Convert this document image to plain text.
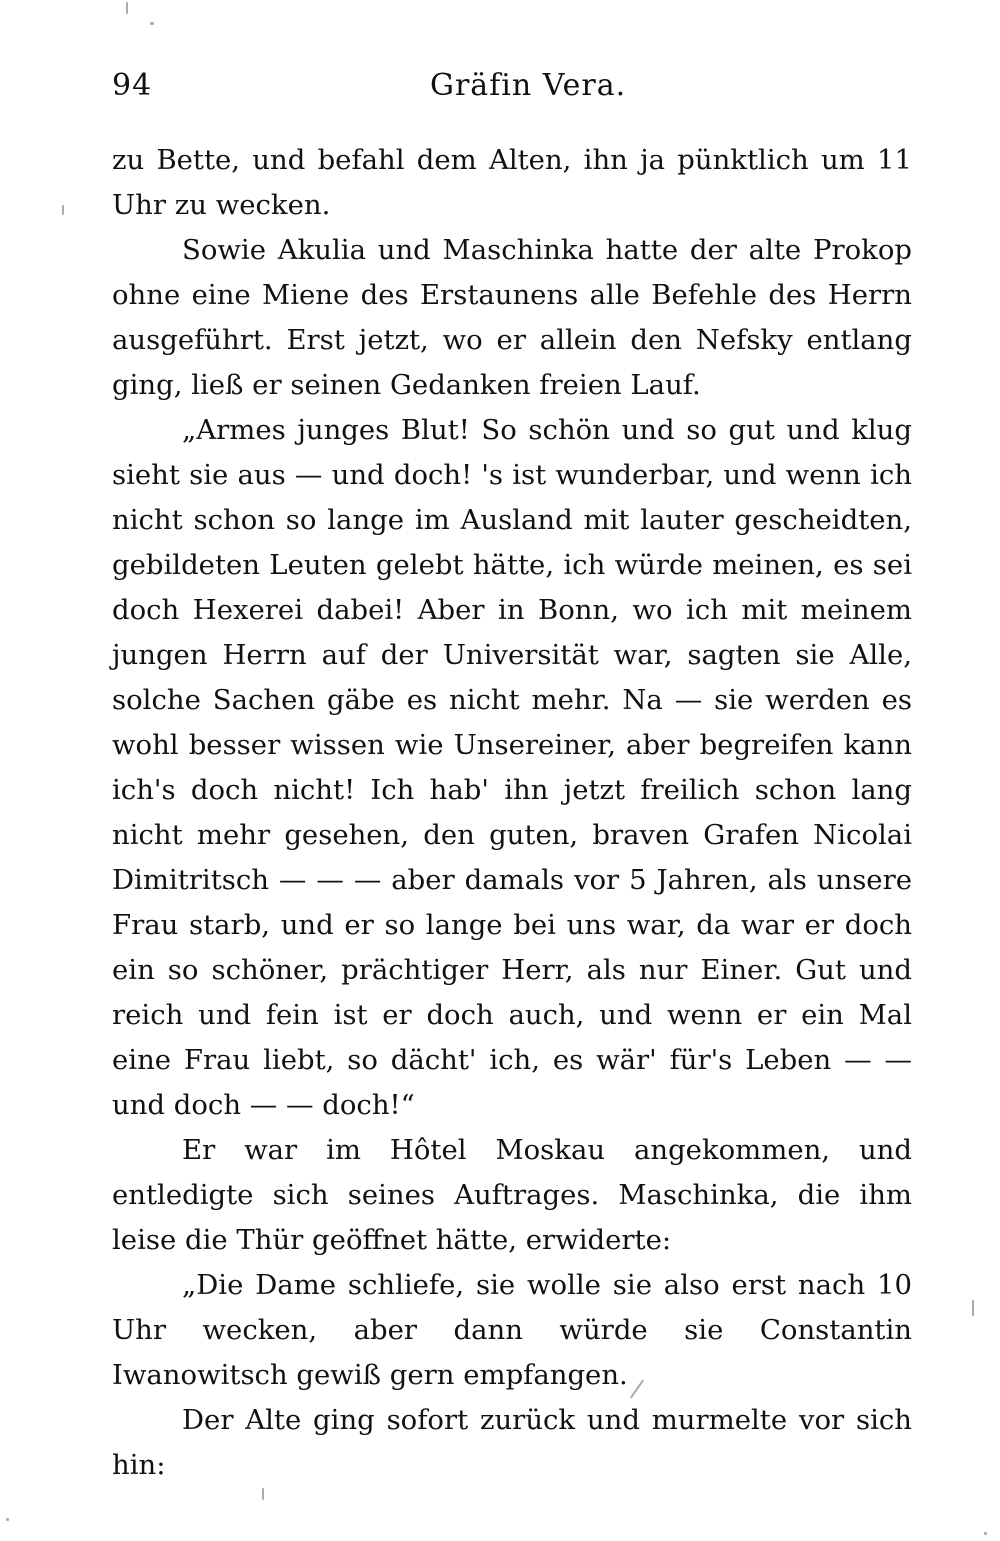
94	Gräfin Vera.

zu Bette, und befahl dem Alten, ihn ja pünktlich um 11 Uhr zu wecken.

Sowie Akulia und Maschinka hatte der alte Prokop ohne eine Miene des Erstaunens alle Befehle des Herrn ausgeführt. Erst jetzt, wo er allein den Nefsky entlang ging, ließ er seinen Gedanken freien Lauf.

„Armes junges Blut! So schön und so gut und klug sieht sie aus — und doch! 's ist wunderbar, und wenn ich nicht schon so lange im Ausland mit lauter gescheidten, gebildeten Leuten gelebt hätte, ich würde meinen, es sei doch Hexerei dabei! Aber in Bonn, wo ich mit meinem jungen Herrn auf der Universität war, sagten sie Alle, solche Sachen gäbe es nicht mehr. Na — sie werden es wohl besser wissen wie Unsereiner, aber begreifen kann ich's doch nicht! Ich hab' ihn jetzt freilich schon lang nicht mehr gesehen, den guten, braven Grafen Nicolai Dimitritsch — — — aber damals vor 5 Jahren, als unsere Frau starb, und er so lange bei uns war, da war er doch ein so schöner, prächtiger Herr, als nur Einer. Gut und reich und fein ist er doch auch, und wenn er ein Mal eine Frau liebt, so dächt' ich, es wär' für's Leben — — und doch — — doch!“

Er war im Hôtel Moskau angekommen, und entledigte sich seines Auftrages. Maschinka, die ihm leise die Thür geöffnet hätte, erwiderte:

„Die Dame schliefe, sie wolle sie also erst nach 10 Uhr wecken, aber dann würde sie Constantin Iwanowitsch gewiß gern empfangen.

Der Alte ging sofort zurück und murmelte vor sich hin:
